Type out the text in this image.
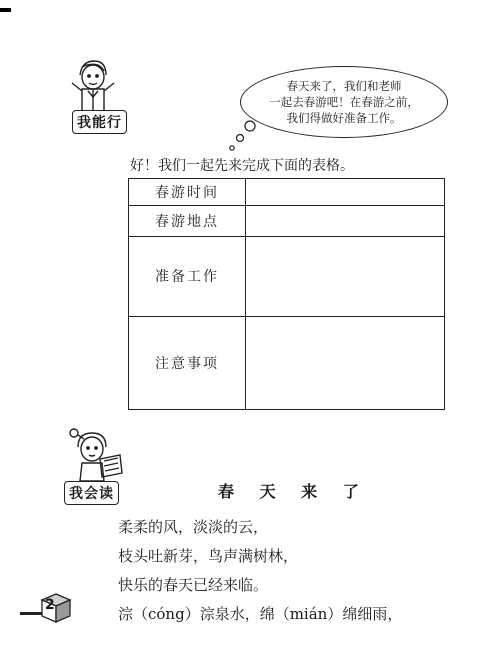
我能行

春天来了，我们和老师
一起去春游吧！在春游之前，
我们得做好准备工作。

好！我们一起先来完成下面的表格。
春游时间
春游地点
准备工作
注意事项
我会读	春 天 来 了
柔柔的风，淡淡的云，
枝头吐新芽，鸟声满树林，
快乐的春天已经来临。
淙（cóng）淙泉水，绵（mián）绵细雨，
2
